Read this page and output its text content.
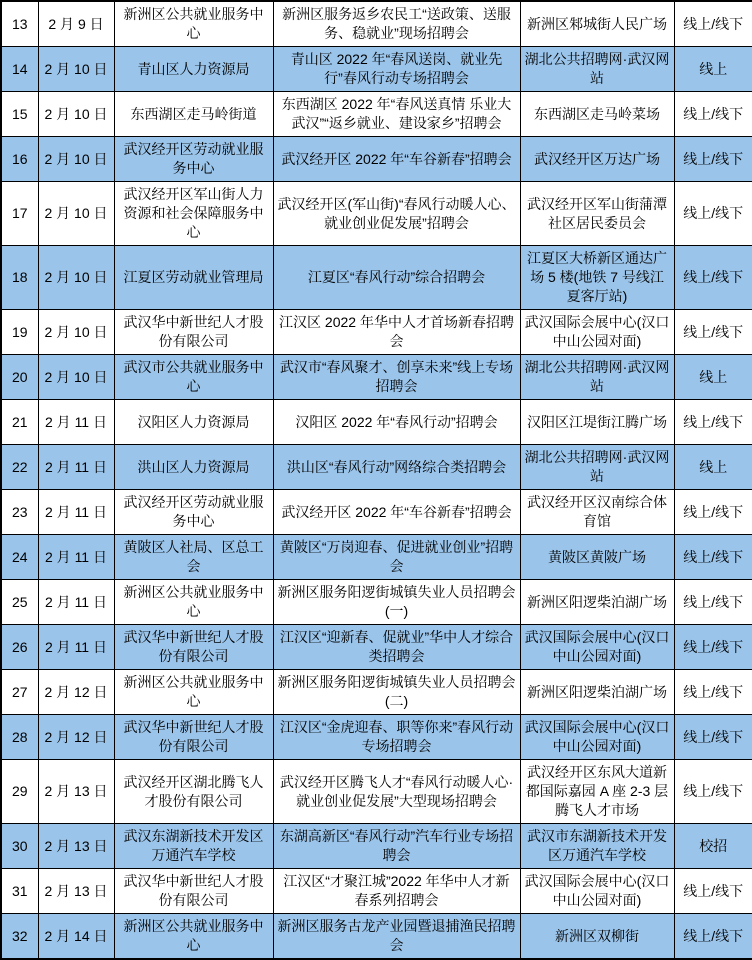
13	2 月 9 日	新洲区公共就业服务中心	新洲区服务返乡农民工“送政策、送服务、稳就业”现场招聘会	新洲区邾城街人民广场	线上/线下
14	2 月 10 日	青山区人力资源局	青山区 2022 年“春风送岗、就业先行”春风行动专场招聘会	湖北公共招聘网·武汉网站	线上
15	2 月 10 日	东西湖区走马岭街道	东西湖区 2022 年“春风送真情 乐业大武汉”“返乡就业、建设家乡”招聘会	东西湖区走马岭菜场	线上/线下
16	2 月 10 日	武汉经开区劳动就业服务中心	武汉经开区 2022 年“车谷新春”招聘会	武汉经开区万达广场	线上/线下
17	2 月 10 日	武汉经开区军山街人力资源和社会保障服务中心	武汉经开区(军山街)“春风行动暖人心、就业创业促发展”招聘会	武汉经开区军山街蒲潭社区居民委员会	线上/线下
18	2 月 10 日	江夏区劳动就业管理局	江夏区“春风行动”综合招聘会	江夏区大桥新区通达广场 5 楼(地铁 7 号线江夏客厅站)	线上/线下
19	2 月 10 日	武汉华中新世纪人才股份有限公司	江汉区 2022 年华中人才首场新春招聘会	武汉国际会展中心(汉口中山公园对面)	线上/线下
20	2 月 10 日	武汉市公共就业服务中心	武汉市“春风聚才、创享未来”线上专场招聘会	湖北公共招聘网·武汉网站	线上
21	2 月 11 日	汉阳区人力资源局	汉阳区 2022 年“春风行动”招聘会	汉阳区江堤街江腾广场	线上/线下
22	2 月 11 日	洪山区人力资源局	洪山区“春风行动”网络综合类招聘会	湖北公共招聘网·武汉网站	线上
23	2 月 11 日	武汉经开区劳动就业服务中心	武汉经开区 2022 年“车谷新春”招聘会	武汉经开区汉南综合体育馆	线上/线下
24	2 月 11 日	黄陂区人社局、区总工会	黄陂区“万岗迎春、促进就业创业”招聘会	黄陂区黄陂广场	线上/线下
25	2 月 11 日	新洲区公共就业服务中心	新洲区服务阳逻街城镇失业人员招聘会(一)	新洲区阳逻柴泊湖广场	线上/线下
26	2 月 11 日	武汉华中新世纪人才股份有限公司	江汉区“迎新春、促就业”华中人才综合类招聘会	武汉国际会展中心(汉口中山公园对面)	线上/线下
27	2 月 12 日	新洲区公共就业服务中心	新洲区服务阳逻街城镇失业人员招聘会(二)	新洲区阳逻柴泊湖广场	线上/线下
28	2 月 12 日	武汉华中新世纪人才股份有限公司	江汉区“金虎迎春、职等你来”春风行动专场招聘会	武汉国际会展中心(汉口中山公园对面)	线上/线下
29	2 月 13 日	武汉经开区湖北腾飞人才股份有限公司	武汉经开区腾飞人才“春风行动暖人心·就业创业促发展”大型现场招聘会	武汉经开区东风大道新都国际嘉园 A 座 2-3 层腾飞人才市场	线上/线下
30	2 月 13 日	武汉东湖新技术开发区万通汽车学校	东湖高新区“春风行动”汽车行业专场招聘会	武汉市东湖新技术开发区万通汽车学校	校招
31	2 月 13 日	武汉华中新世纪人才股份有限公司	江汉区“才聚江城”2022 年华中人才新春系列招聘会	武汉国际会展中心(汉口中山公园对面)	线上/线下
32	2 月 14 日	新洲区公共就业服务中心	新洲区服务古龙产业园暨退捕渔民招聘会	新洲区双柳街	线上/线下
